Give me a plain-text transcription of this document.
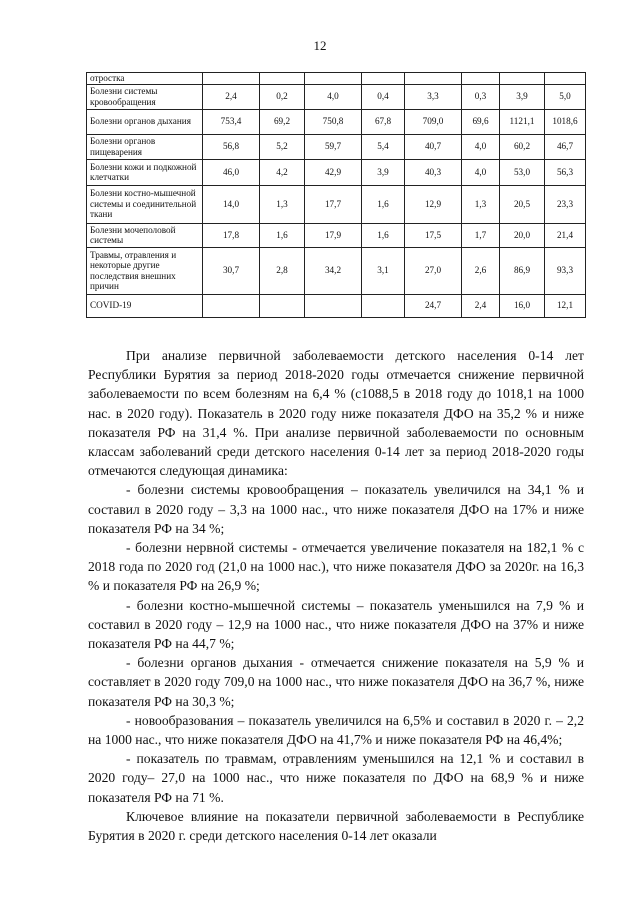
12
отростка								
Болезни системы кровообращения	2,4	0,2	4,0	0,4	3,3	0,3	3,9	5,0
Болезни органов дыхания	753,4	69,2	750,8	67,8	709,0	69,6	1121,1	1018,6
Болезни органов пищеварения	56,8	5,2	59,7	5,4	40,7	4,0	60,2	46,7
Болезни кожи и подкожной клетчатки	46,0	4,2	42,9	3,9	40,3	4,0	53,0	56,3
Болезни костно-мышечной системы и соединительной ткани	14,0	1,3	17,7	1,6	12,9	1,3	20,5	23,3
Болезни мочеполовой системы	17,8	1,6	17,9	1,6	17,5	1,7	20,0	21,4
Травмы, отравления и некоторые другие последствия внешних причин	30,7	2,8	34,2	3,1	27,0	2,6	86,9	93,3
COVID-19					24,7	2,4	16,0	12,1

При анализе первичной заболеваемости детского населения 0-14 лет Республики Бурятия за период 2018-2020 годы отмечается снижение первичной заболеваемости по всем болезням на 6,4 % (с1088,5 в 2018 году до 1018,1 на 1000 нас. в 2020 году). Показатель в 2020 году ниже показателя ДФО на 35,2 % и ниже показателя РФ на 31,4 %. При анализе первичной заболеваемости по основным классам заболеваний среди детского населения 0-14 лет за период 2018-2020 годы отмечаются следующая динамика:

- болезни системы кровообращения – показатель увеличился на 34,1 % и составил в 2020 году – 3,3 на 1000 нас., что ниже показателя ДФО на 17% и ниже показателя РФ на 34 %;

- болезни нервной системы - отмечается увеличение показателя на 182,1 % с 2018 года по 2020 год (21,0 на 1000 нас.), что ниже показателя ДФО за 2020г. на 16,3 % и показателя РФ на 26,9 %;

- болезни костно-мышечной системы – показатель уменьшился на 7,9 % и составил в 2020 году – 12,9 на 1000 нас., что ниже показателя ДФО на 37% и ниже показателя РФ на 44,7 %;

- болезни органов дыхания - отмечается снижение показателя на 5,9 % и составляет в 2020 году 709,0 на 1000 нас., что ниже показателя ДФО на 36,7 %, ниже показателя РФ на 30,3 %;

- новообразования – показатель увеличился на 6,5% и составил в 2020 г. – 2,2 на 1000 нас., что ниже показателя ДФО на 41,7% и ниже показателя РФ на 46,4%;

- показатель по травмам, отравлениям уменьшился на 12,1 % и составил в 2020 году– 27,0 на 1000 нас., что ниже показателя по ДФО на 68,9 % и ниже показателя РФ на 71 %.

Ключевое влияние на показатели первичной заболеваемости в Республике Бурятия в 2020 г. среди детского населения 0-14 лет оказали
